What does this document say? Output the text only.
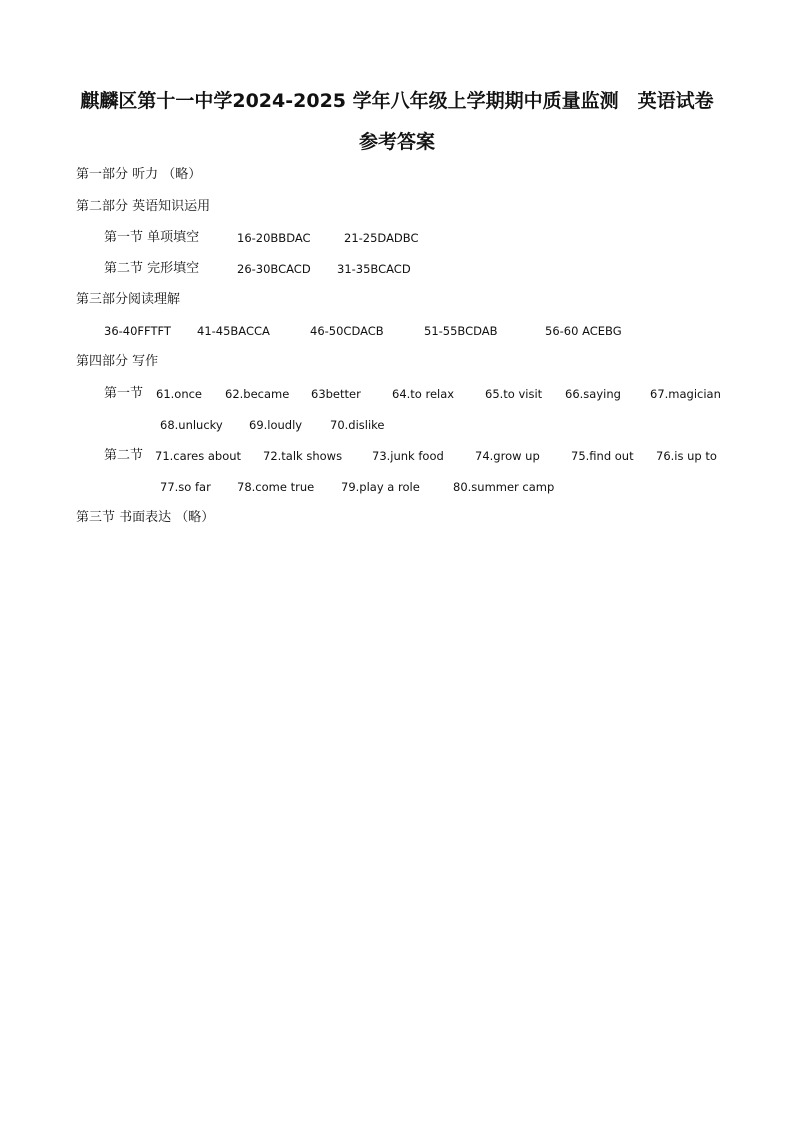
麒麟区第十一中学2024-2025 学年八年级上学期期中质量监测　英语试卷
参考答案
第一部分 听力 （略）
第二部分 英语知识运用
第一节 单项填空	16-20BBDAC	21-25DADBC
第二节 完形填空	26-30BCACD 31-35BCACD
第三部分阅读理解
36-40FFTFT 41-45BACCA	46-50CDACB	51-55BCDAB	56-60 ACEBG
第四部分 写作
第一节 61.once 62.became 63better	64.to relax	65.to visit 66.saying	67.magician
68.unlucky 69.loudly 70.dislike
第二节 71.cares about 72.talk shows	73.junk food	74.grow up	75.find out 76.is up to
77.so far 78.come true 79.play a role	80.summer camp
第三节 书面表达 （略）
